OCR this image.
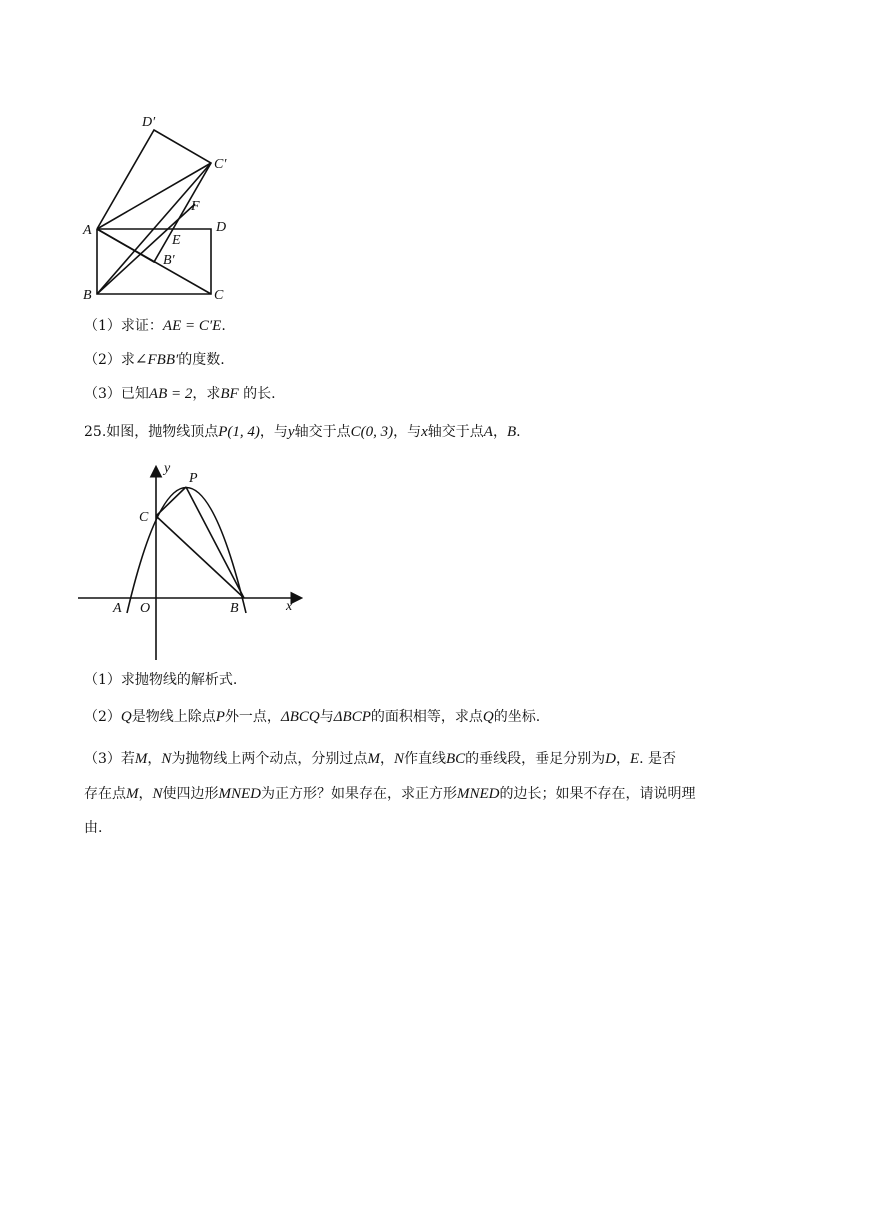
D′
C′
F
A	D
E
B′
B	C
（1）求证：AE = C′E.
（2）求∠FBB′的度数.
（3）已知AB = 2，求BF 的长.
25.如图，抛物线顶点P(1, 4)，与y轴交于点C(0, 3)，与x轴交于点A，B.
y
P
C
A O	B	x
（1）求抛物线的解析式.
（2）Q是物线上除点P外一点，ΔBCQ与ΔBCP的面积相等，求点Q的坐标.
（3）若M，N为抛物线上两个动点，分别过点M，N作直线BC的垂线段，垂足分别为D，E. 是否
存在点M，N使四边形MNED为正方形？如果存在，求正方形MNED的边长；如果不存在，请说明理
由.
